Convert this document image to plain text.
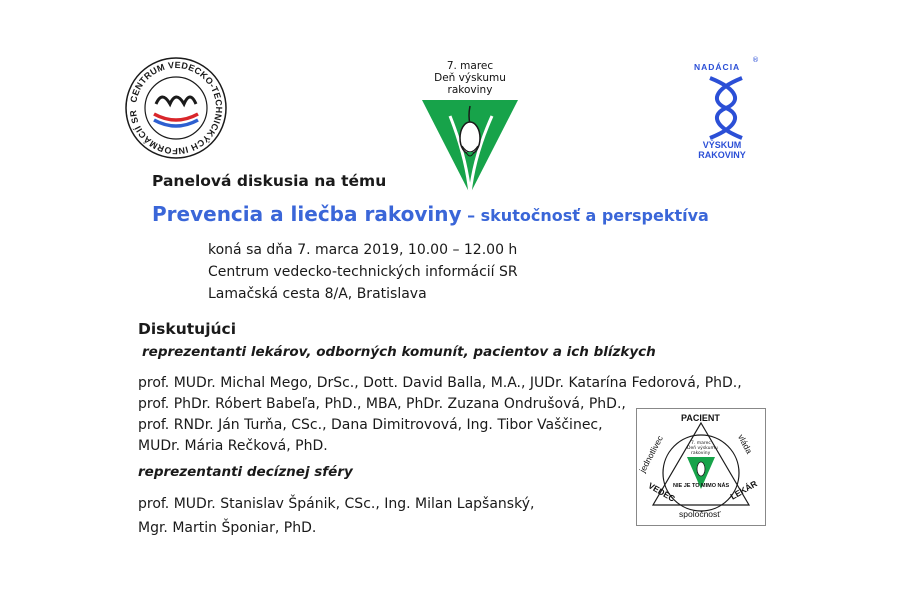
CENTRUM VEDECKO-TECHNICKÝCH INFORMÁCIÍ SR
7. marec
Deň výskumu
rakoviny
NADÁCIA
®
VÝSKUM
RAKOVINY
Panelová diskusia na tému
Prevencia a liečba rakoviny – skutočnosť a perspektíva
koná sa dňa 7. marca 2019, 10.00 – 12.00 h
Centrum vedecko-technických informácií SR
Lamačská cesta 8/A, Bratislava
Diskutujúci
reprezentanti lekárov, odborných komunít, pacientov a ich blízkych
prof. MUDr. Michal Mego, DrSc., Dott. David Balla, M.A., JUDr. Katarína Fedorová, PhD.,
prof. PhDr. Róbert Babeľa, PhD., MBA, PhDr. Zuzana Ondrušová, PhD.,
prof. RNDr. Ján Turňa, CSc., Dana Dimitrovová, Ing. Tibor Vaščinec,
MUDr. Mária Rečková, PhD.
reprezentanti decíznej sféry
prof. MUDr. Stanislav Špánik, CSc., Ing. Milan Lapšanský,
Mgr. Martin Šponiar, PhD.
PACIENT
jednotlivec	vláda
7. marec
Deň výskumu
rakoviny
NIE JE TO MIMO NÁS
VEDEC	LEKÁR
spoločnosť
